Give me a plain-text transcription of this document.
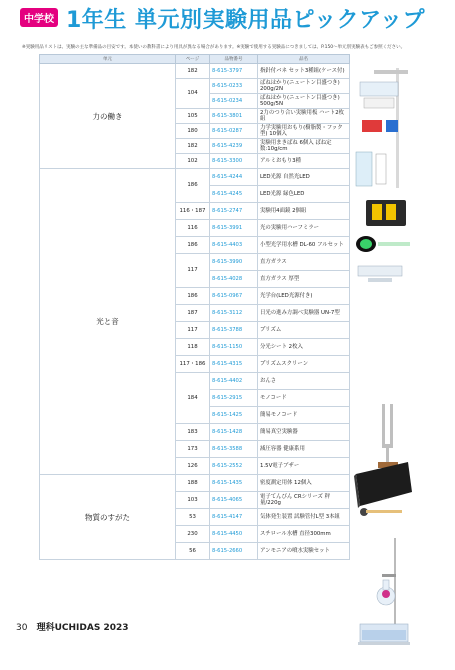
中学校 1年生 単元別実験用品ピックアップ
※実験用品リストは、実験の主な準備品の目安です。本使いの教科書により用具が異なる場合があります。※実験で使用する実験品につきましては、P.150〜単元別実験表もご参照ください。
单元	ページ	品物番号	品名
力の働き	182	8-615-3797	指針付バネ セット3種組(ケース付)
	104	8-615-0233	ばねはかり(ニュートン目盛つき) 200g/2N
		8-615-0234	ばねはかり(ニュートン目盛つき) 500g/5N
	105	8-615-3801	2力のつり合い実験用板 ハート2枚組
	180	8-615-0287	力学実験用おもり(樹脂製・フック型) 10個入
	182	8-615-4239	実験用まきばね 6個入 ばね定数:10g/cm
	102	8-615-3300	アルミおもり3種
光と音	186	8-615-4244	LED光源 自然光LED
		8-615-4245	LED光源 緑色LED
	116・187	8-615-2747	実験用4面鏡 2個組
	116	8-615-3991	光の実験用ハーフミラー
	186	8-615-4403	小型光学用水槽 DL-60 フルセット
	117	8-615-3990	直方ガラス
		8-615-4028	直方ガラス 厚型
	186	8-615-0967	光学台(LED光源付き)
	187	8-615-3112	日光の進み方調べ実験器 UN-7型
	117	8-615-3788	プリズム
	118	8-615-1150	分光シート 2枚入
	117・186	8-615-4315	プリズムスクリーン
	184	8-615-4402	おんさ
		8-615-2915	モノコード
		8-615-1425	簡易モノコード
	183	8-615-1428	簡易真空実験器
	173	8-615-3588	減圧容器 健康系用
	126	8-615-2552	1.5V電子ブザー
物質のすがた	188	8-615-1435	密度測定用体 12個入
	103	8-615-4065	電子てんびん CRシリーズ 秤量/220g
	53	8-615-4147	気体発生装置 試験管付L型 3本組
	230	8-615-4450	スチロール水槽 直径300mm
	56	8-615-2660	アンモニアの噴水実験セット
30 理科UCHIDAS 2023
